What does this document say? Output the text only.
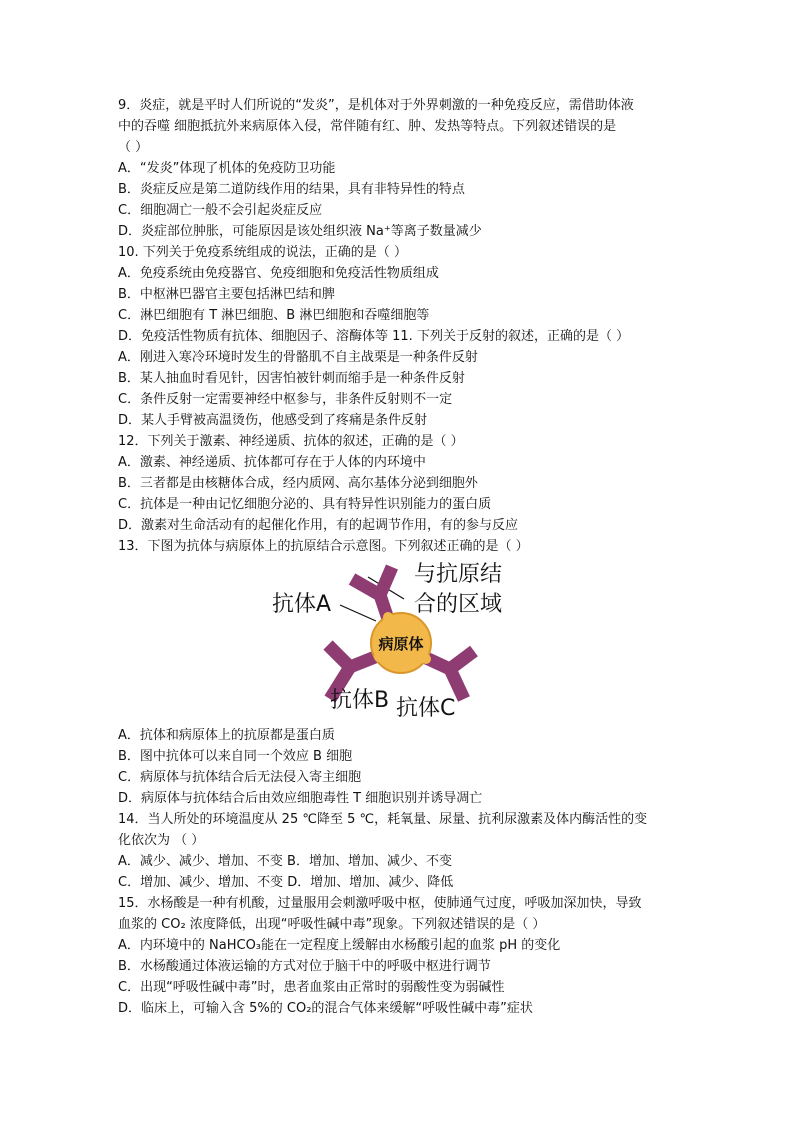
9．炎症，就是平时人们所说的“发炎”，是机体对于外界刺激的一种免疫反应，需借助体液

中的吞噬 细胞抵抗外来病原体入侵，常伴随有红、肿、发热等特点。下列叙述错误的是

（ ）

A．“发炎”体现了机体的免疫防卫功能

B．炎症反应是第二道防线作用的结果，具有非特异性的特点

C．细胞凋亡一般不会引起炎症反应

D．炎症部位肿胀，可能原因是该处组织液 Na⁺等离子数量减少

10. 下列关于免疫系统组成的说法，正确的是（ ）

A．免疫系统由免疫器官、免疫细胞和免疫活性物质组成

B．中枢淋巴器官主要包括淋巴结和脾

C．淋巴细胞有 T 淋巴细胞、B 淋巴细胞和吞噬细胞等

D．免疫活性物质有抗体、细胞因子、溶酶体等 11. 下列关于反射的叙述，正确的是（ ）

A．刚进入寒冷环境时发生的骨骼肌不自主战栗是一种条件反射

B．某人抽血时看见针，因害怕被针刺而缩手是一种条件反射

C．条件反射一定需要神经中枢参与，非条件反射则不一定

D．某人手臂被高温烫伤，他感受到了疼痛是条件反射

12．下列关于激素、神经递质、抗体的叙述，正确的是（ ）

A．激素、神经递质、抗体都可存在于人体的内环境中

B．三者都是由核糖体合成，经内质网、高尔基体分泌到细胞外

C．抗体是一种由记忆细胞分泌的、具有特异性识别能力的蛋白质

D．激素对生命活动有的起催化作用，有的起调节作用，有的参与反应

13．下图为抗体与病原体上的抗原结合示意图。下列叙述正确的是（ ）

病原体
抗体A
与抗原结
合的区域
抗体B 抗体C

A．抗体和病原体上的抗原都是蛋白质

B．图中抗体可以来自同一个效应 B 细胞

C．病原体与抗体结合后无法侵入寄主细胞

D．病原体与抗体结合后由效应细胞毒性 T 细胞识别并诱导凋亡

14．当人所处的环境温度从 25 ℃降至 5 ℃，耗氧量、尿量、抗利尿激素及体内酶活性的变

化依次为 （ ）

A．减少、减少、增加、不变 B．增加、增加、减少、不变

C．增加、减少、增加、不变 D．增加、增加、减少、降低

15．水杨酸是一种有机酸，过量服用会刺激呼吸中枢，使肺通气过度，呼吸加深加快，导致

血浆的 CO₂ 浓度降低，出现“呼吸性碱中毒”现象。下列叙述错误的是（ ）

A．内环境中的 NaHCO₃能在一定程度上缓解由水杨酸引起的血浆 pH 的变化

B．水杨酸通过体液运输的方式对位于脑干中的呼吸中枢进行调节

C．出现“呼吸性碱中毒”时，患者血浆由正常时的弱酸性变为弱碱性

D．临床上，可输入含 5%的 CO₂的混合气体来缓解“呼吸性碱中毒”症状
